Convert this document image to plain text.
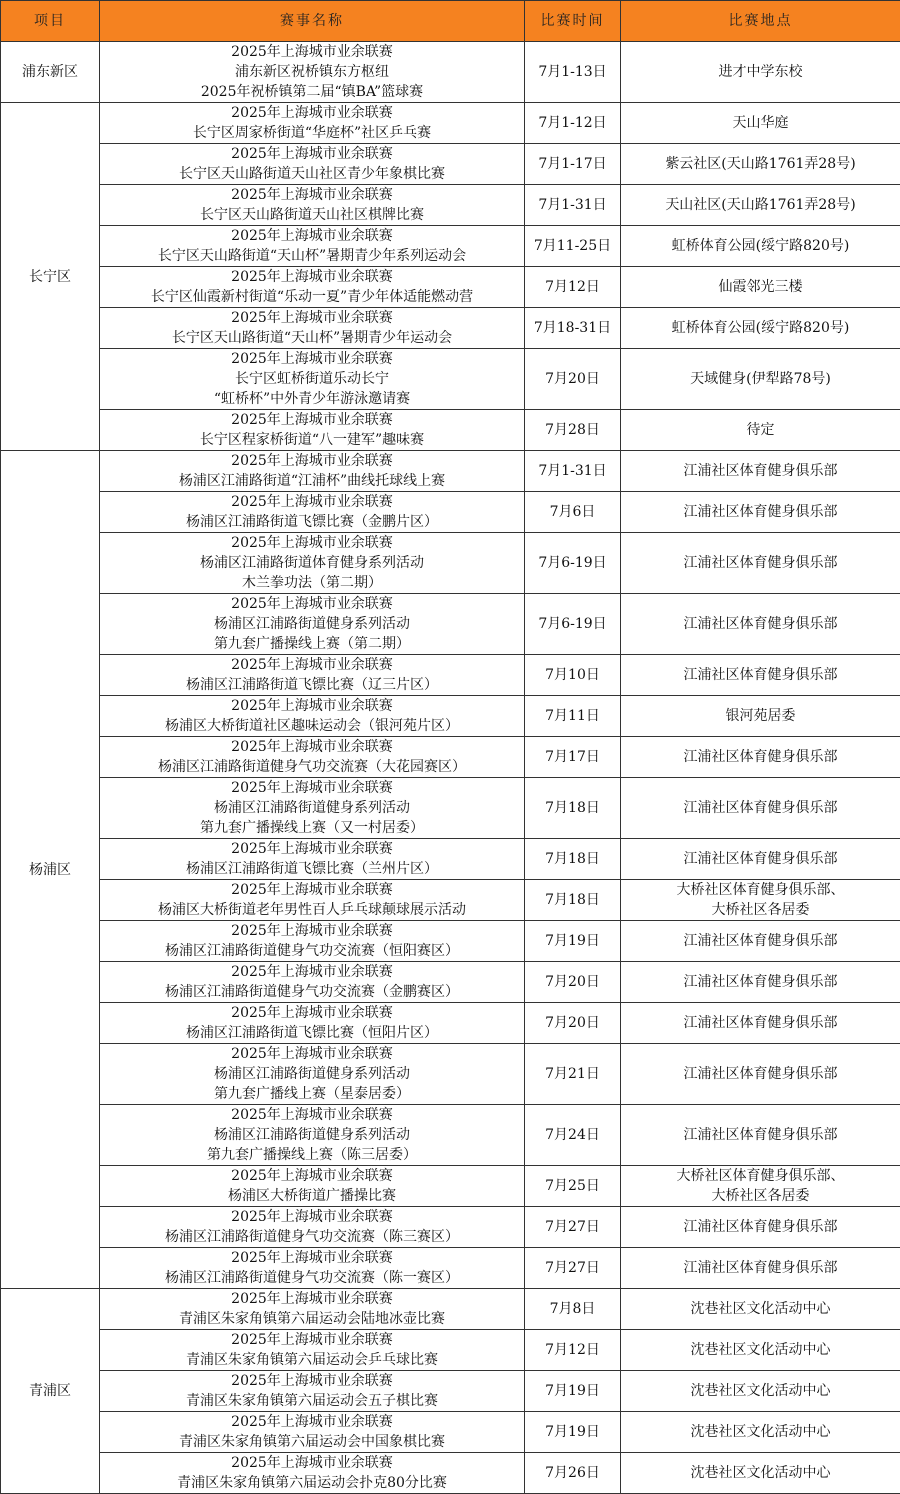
项目	赛事名称	比赛时间	比赛地点
浦东新区	2025年上海城市业余联赛
浦东新区祝桥镇东方枢纽
2025年祝桥镇第二届“镇BA”篮球赛	7月1-13日	进才中学东校

长宁区	2025年上海城市业余联赛
长宁区周家桥街道“华庭杯”社区乒乓赛	7月1-12日	天山华庭

	2025年上海城市业余联赛
长宁区天山路街道天山社区青少年象棋比赛	7月1-17日	紫云社区(天山路1761弄28号)

	2025年上海城市业余联赛
长宁区天山路街道天山社区棋牌比赛	7月1-31日	天山社区(天山路1761弄28号)

	2025年上海城市业余联赛
长宁区天山路街道“天山杯”暑期青少年系列运动会	7月11-25日	虹桥体育公园(绥宁路820号)

	2025年上海城市业余联赛
长宁区仙霞新村街道“乐动一夏”青少年体适能燃动营	7月12日	仙霞邻光三楼

	2025年上海城市业余联赛
长宁区天山路街道“天山杯”暑期青少年运动会	7月18-31日	虹桥体育公园(绥宁路820号)

	2025年上海城市业余联赛
长宁区虹桥街道乐动长宁
“虹桥杯”中外青少年游泳邀请赛	7月20日	天域健身(伊犁路78号)

	2025年上海城市业余联赛
长宁区程家桥街道“八一建军”趣味赛	7月28日	待定

杨浦区	2025年上海城市业余联赛
杨浦区江浦路街道“江浦杯”曲线托球线上赛	7月1-31日	江浦社区体育健身俱乐部

	2025年上海城市业余联赛
杨浦区江浦路街道飞镖比赛（金鹏片区）	7月6日	江浦社区体育健身俱乐部

	2025年上海城市业余联赛
杨浦区江浦路街道体育健身系列活动
木兰拳功法（第二期）	7月6-19日	江浦社区体育健身俱乐部

	2025年上海城市业余联赛
杨浦区江浦路街道健身系列活动
第九套广播操线上赛（第二期）	7月6-19日	江浦社区体育健身俱乐部

	2025年上海城市业余联赛
杨浦区江浦路街道飞镖比赛（辽三片区）	7月10日	江浦社区体育健身俱乐部

	2025年上海城市业余联赛
杨浦区大桥街道社区趣味运动会（银河苑片区）	7月11日	银河苑居委

	2025年上海城市业余联赛
杨浦区江浦路街道健身气功交流赛（大花园赛区）	7月17日	江浦社区体育健身俱乐部

	2025年上海城市业余联赛
杨浦区江浦路街道健身系列活动
第九套广播操线上赛（又一村居委）	7月18日	江浦社区体育健身俱乐部

	2025年上海城市业余联赛
杨浦区江浦路街道飞镖比赛（兰州片区）	7月18日	江浦社区体育健身俱乐部

	2025年上海城市业余联赛
杨浦区大桥街道老年男性百人乒乓球颠球展示活动	7月18日	大桥社区体育健身俱乐部、
大桥社区各居委

	2025年上海城市业余联赛
杨浦区江浦路街道健身气功交流赛（恒阳赛区）	7月19日	江浦社区体育健身俱乐部

	2025年上海城市业余联赛
杨浦区江浦路街道健身气功交流赛（金鹏赛区）	7月20日	江浦社区体育健身俱乐部

	2025年上海城市业余联赛
杨浦区江浦路街道飞镖比赛（恒阳片区）	7月20日	江浦社区体育健身俱乐部

	2025年上海城市业余联赛
杨浦区江浦路街道健身系列活动
第九套广播线上赛（星泰居委）	7月21日	江浦社区体育健身俱乐部

	2025年上海城市业余联赛
杨浦区江浦路街道健身系列活动
第九套广播操线上赛（陈三居委）	7月24日	江浦社区体育健身俱乐部

	2025年上海城市业余联赛
杨浦区大桥街道广播操比赛	7月25日	大桥社区体育健身俱乐部、
大桥社区各居委

	2025年上海城市业余联赛
杨浦区江浦路街道健身气功交流赛（陈三赛区）	7月27日	江浦社区体育健身俱乐部

	2025年上海城市业余联赛
杨浦区江浦路街道健身气功交流赛（陈一赛区）	7月27日	江浦社区体育健身俱乐部

青浦区	2025年上海城市业余联赛
青浦区朱家角镇第六届运动会陆地冰壶比赛	7月8日	沈巷社区文化活动中心

	2025年上海城市业余联赛
青浦区朱家角镇第六届运动会乒乓球比赛	7月12日	沈巷社区文化活动中心

	2025年上海城市业余联赛
青浦区朱家角镇第六届运动会五子棋比赛	7月19日	沈巷社区文化活动中心

	2025年上海城市业余联赛
青浦区朱家角镇第六届运动会中国象棋比赛	7月19日	沈巷社区文化活动中心

	2025年上海城市业余联赛
青浦区朱家角镇第六届运动会扑克80分比赛	7月26日	沈巷社区文化活动中心
